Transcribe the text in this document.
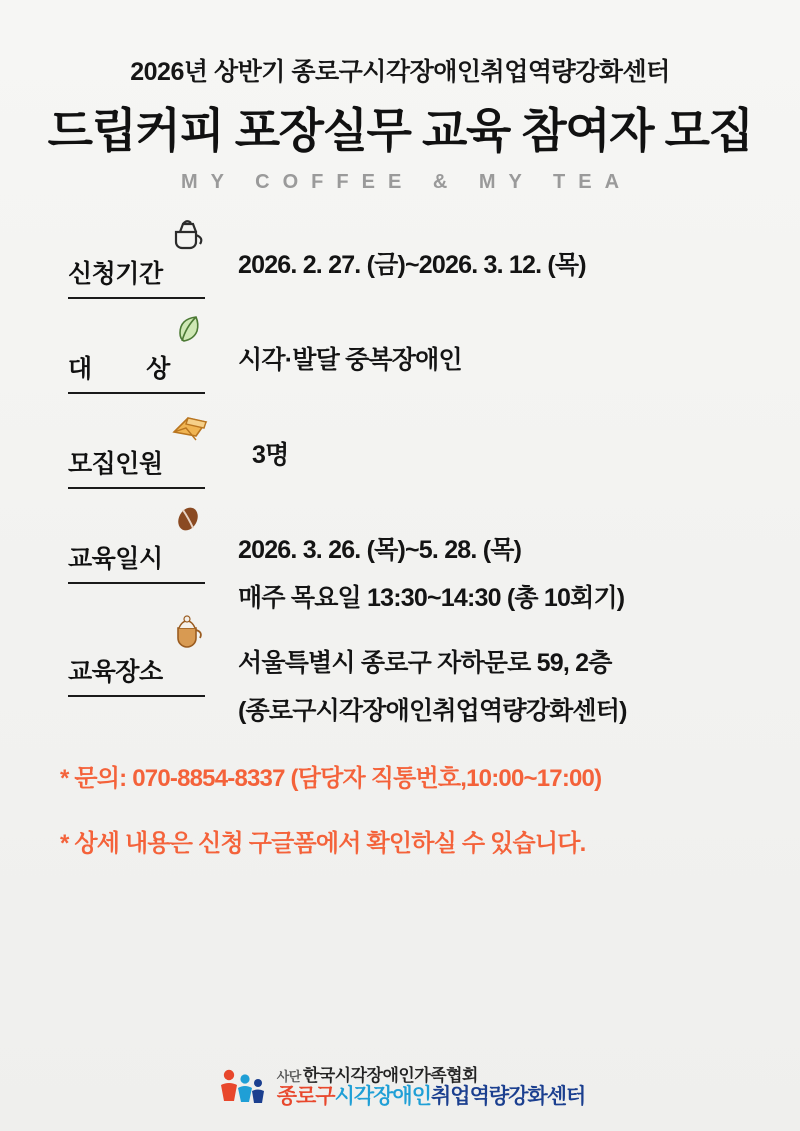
2026년 상반기 종로구시각장애인취업역량강화센터
드립커피 포장실무 교육 참여자 모집
MY COFFEE & MY TEA
신청기간	2026. 2. 27. (금)~2026. 3. 12. (목)
대 상	시각·발달 중복장애인
모집인원	3명
교육일시	2026. 3. 26. (목)~5. 28. (목)
매주 목요일 13:30~14:30 (총 10회기)
교육장소	서울특별시 종로구 자하문로 59, 2층
(종로구시각장애인취업역량강화센터)
* 문의: 070-8854-8337 (담당자 직통번호,10:00~17:00)
* 상세 내용은 신청 구글폼에서 확인하실 수 있습니다.
사단 한국시각장애인가족협회
종로구시각장애인취업역량강화센터
